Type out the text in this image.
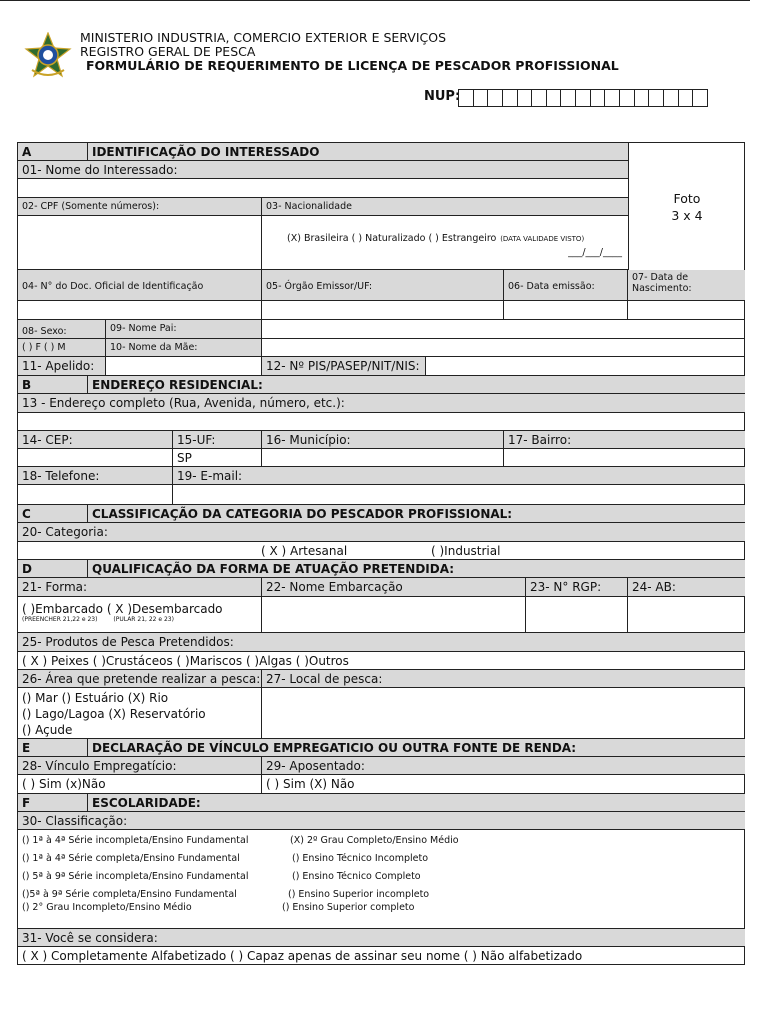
MINISTERIO INDUSTRIA, COMERCIO EXTERIOR E SERVIÇOS
REGISTRO GERAL DE PESCA
FORMULÁRIO DE REQUERIMENTO DE LICENÇA DE PESCADOR PROFISSIONAL
NUP:
Foto
3 x 4
A	IDENTIFICAÇÃO DO INTERESSADO
01- Nome do Interessado:
02- CPF (Somente números):	03- Nacionalidade
(X) Brasileira ( ) Naturalizado ( ) Estrangeiro (DATA VALIDADE VISTO)
___/___/____
04- N° do Doc. Oficial de Identificação	05- Órgão Emissor/UF:	06- Data emissão:
07- Data de
Nascimento:
08- Sexo:	09- Nome Pai:
( ) F ( ) M	10- Nome da Mãe:
11- Apelido:	12- Nº PIS/PASEP/NIT/NIS:
B	ENDEREÇO RESIDENCIAL:
13 - Endereço completo (Rua, Avenida, número, etc.):
14- CEP:	15-UF:	16- Município:	17- Bairro:
SP
18- Telefone:	19- E-mail:
C	CLASSIFICAÇÃO DA CATEGORIA DO PESCADOR PROFISSIONAL:
20- Categoria:
( X ) Artesanal	( )Industrial
D	QUALIFICAÇÃO DA FORMA DE ATUAÇÃO PRETENDIDA:
21- Forma:	22- Nome Embarcação	23- N° RGP:	24- AB:
( )Embarcado ( X )Desembarcado
(PREENCHER 21,22 e 23)	(PULAR 21, 22 e 23)
25- Produtos de Pesca Pretendidos:
( X ) Peixes ( )Crustáceos ( )Mariscos ( )Algas ( )Outros
26- Área que pretende realizar a pesca: 27- Local de pesca:
() Mar () Estuário (X) Rio
() Lago/Lagoa (X) Reservatório
() Açude
E	DECLARAÇÃO DE VÍNCULO EMPREGATICIO OU OUTRA FONTE DE RENDA:
28- Vínculo Empregatício:	29- Aposentado:
( ) Sim (x)Não	( ) Sim (X) Não
F	ESCOLARIDADE:
30- Classificação:
() 1ª à 4ª Série incompleta/Ensino Fundamental	(X) 2º Grau Completo/Ensino Médio
() 1ª à 4ª Série completa/Ensino Fundamental	() Ensino Técnico Incompleto
() 5ª à 9ª Série incompleta/Ensino Fundamental	() Ensino Técnico Completo
()5ª à 9ª Série completa/Ensino Fundamental	() Ensino Superior incompleto
() 2° Grau Incompleto/Ensino Médio	() Ensino Superior completo
31- Você se considera:
( X ) Completamente Alfabetizado ( ) Capaz apenas de assinar seu nome ( ) Não alfabetizado
